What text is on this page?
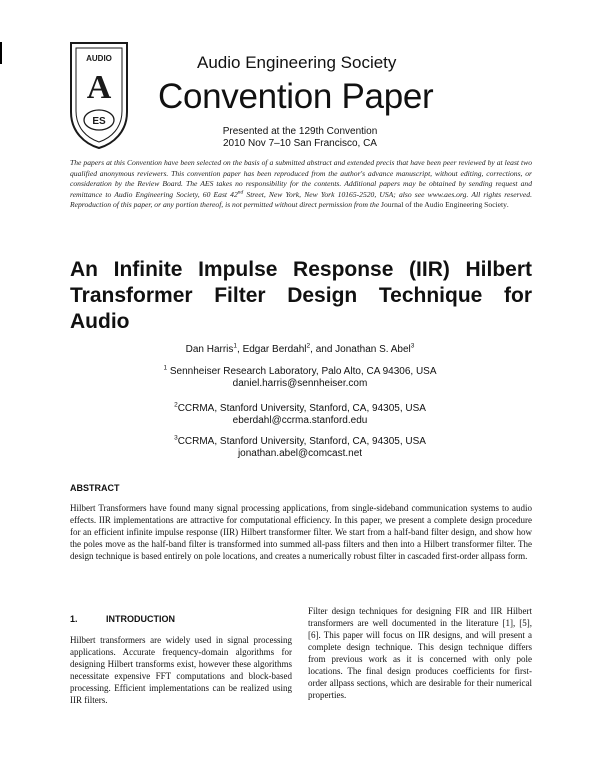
AUDIO
A
ES
Audio Engineering Society
Convention Paper
Presented at the 129th Convention
2010 Nov 7–10 San Francisco, CA
The papers at this Convention have been selected on the basis of a submitted abstract and extended precis that have been peer reviewed by at least two qualified anonymous reviewers. This convention paper has been reproduced from the author's advance manuscript, without editing, corrections, or consideration by the Review Board. The AES takes no responsibility for the contents. Additional papers may be obtained by sending request and remittance to Audio Engineering Society, 60 East 42nd Street, New York, New York 10165-2520, USA; also see www.aes.org. All rights reserved. Reproduction of this paper, or any portion thereof, is not permitted without direct permission from the Journal of the Audio Engineering Society.
An Infinite Impulse Response (IIR) Hilbert Transformer Filter Design Technique for Audio
Dan Harris$^1$, Edgar Berdahl$^2$, and Jonathan S. Abel$^3$
$^1$ Sennheiser Research Laboratory, Palo Alto, CA 94306, USA
daniel.harris@sennheiser.com
$^2$CCRMA, Stanford University, Stanford, CA, 94305, USA
eberdahl@ccrma.stanford.edu
$^3$CCRMA, Stanford University, Stanford, CA, 94305, USA
jonathan.abel@comcast.net
ABSTRACT
Hilbert Transformers have found many signal processing applications, from single-sideband communication systems to audio effects. IIR implementations are attractive for computational efficiency. In this paper, we present a complete design procedure for an efficient infinite impulse response (IIR) Hilbert transformer filter. We start from a half-band filter design, and show how the poles move as the half-band filter is transformed into summed all-pass filters and then into a Hilbert transformer filter. The design technique is based entirely on pole locations, and creates a numerically robust filter in cascaded first-order allpass form.
1.	INTRODUCTION
Hilbert transformers are widely used in signal processing applications. Accurate frequency-domain algorithms for designing Hilbert transforms exist, however these algorithms necessitate expensive FFT computations and block-based processing. Efficient implementations can be realized using IIR filters.
Filter design techniques for designing FIR and IIR Hilbert transformers are well documented in the literature [1], [5], [6]. This paper will focus on IIR designs, and will present a complete design technique. This design technique differs from previous work as it is concerned with only pole locations. The final design produces coefficients for first-order allpass sections, which are desirable for their numerical properties.
